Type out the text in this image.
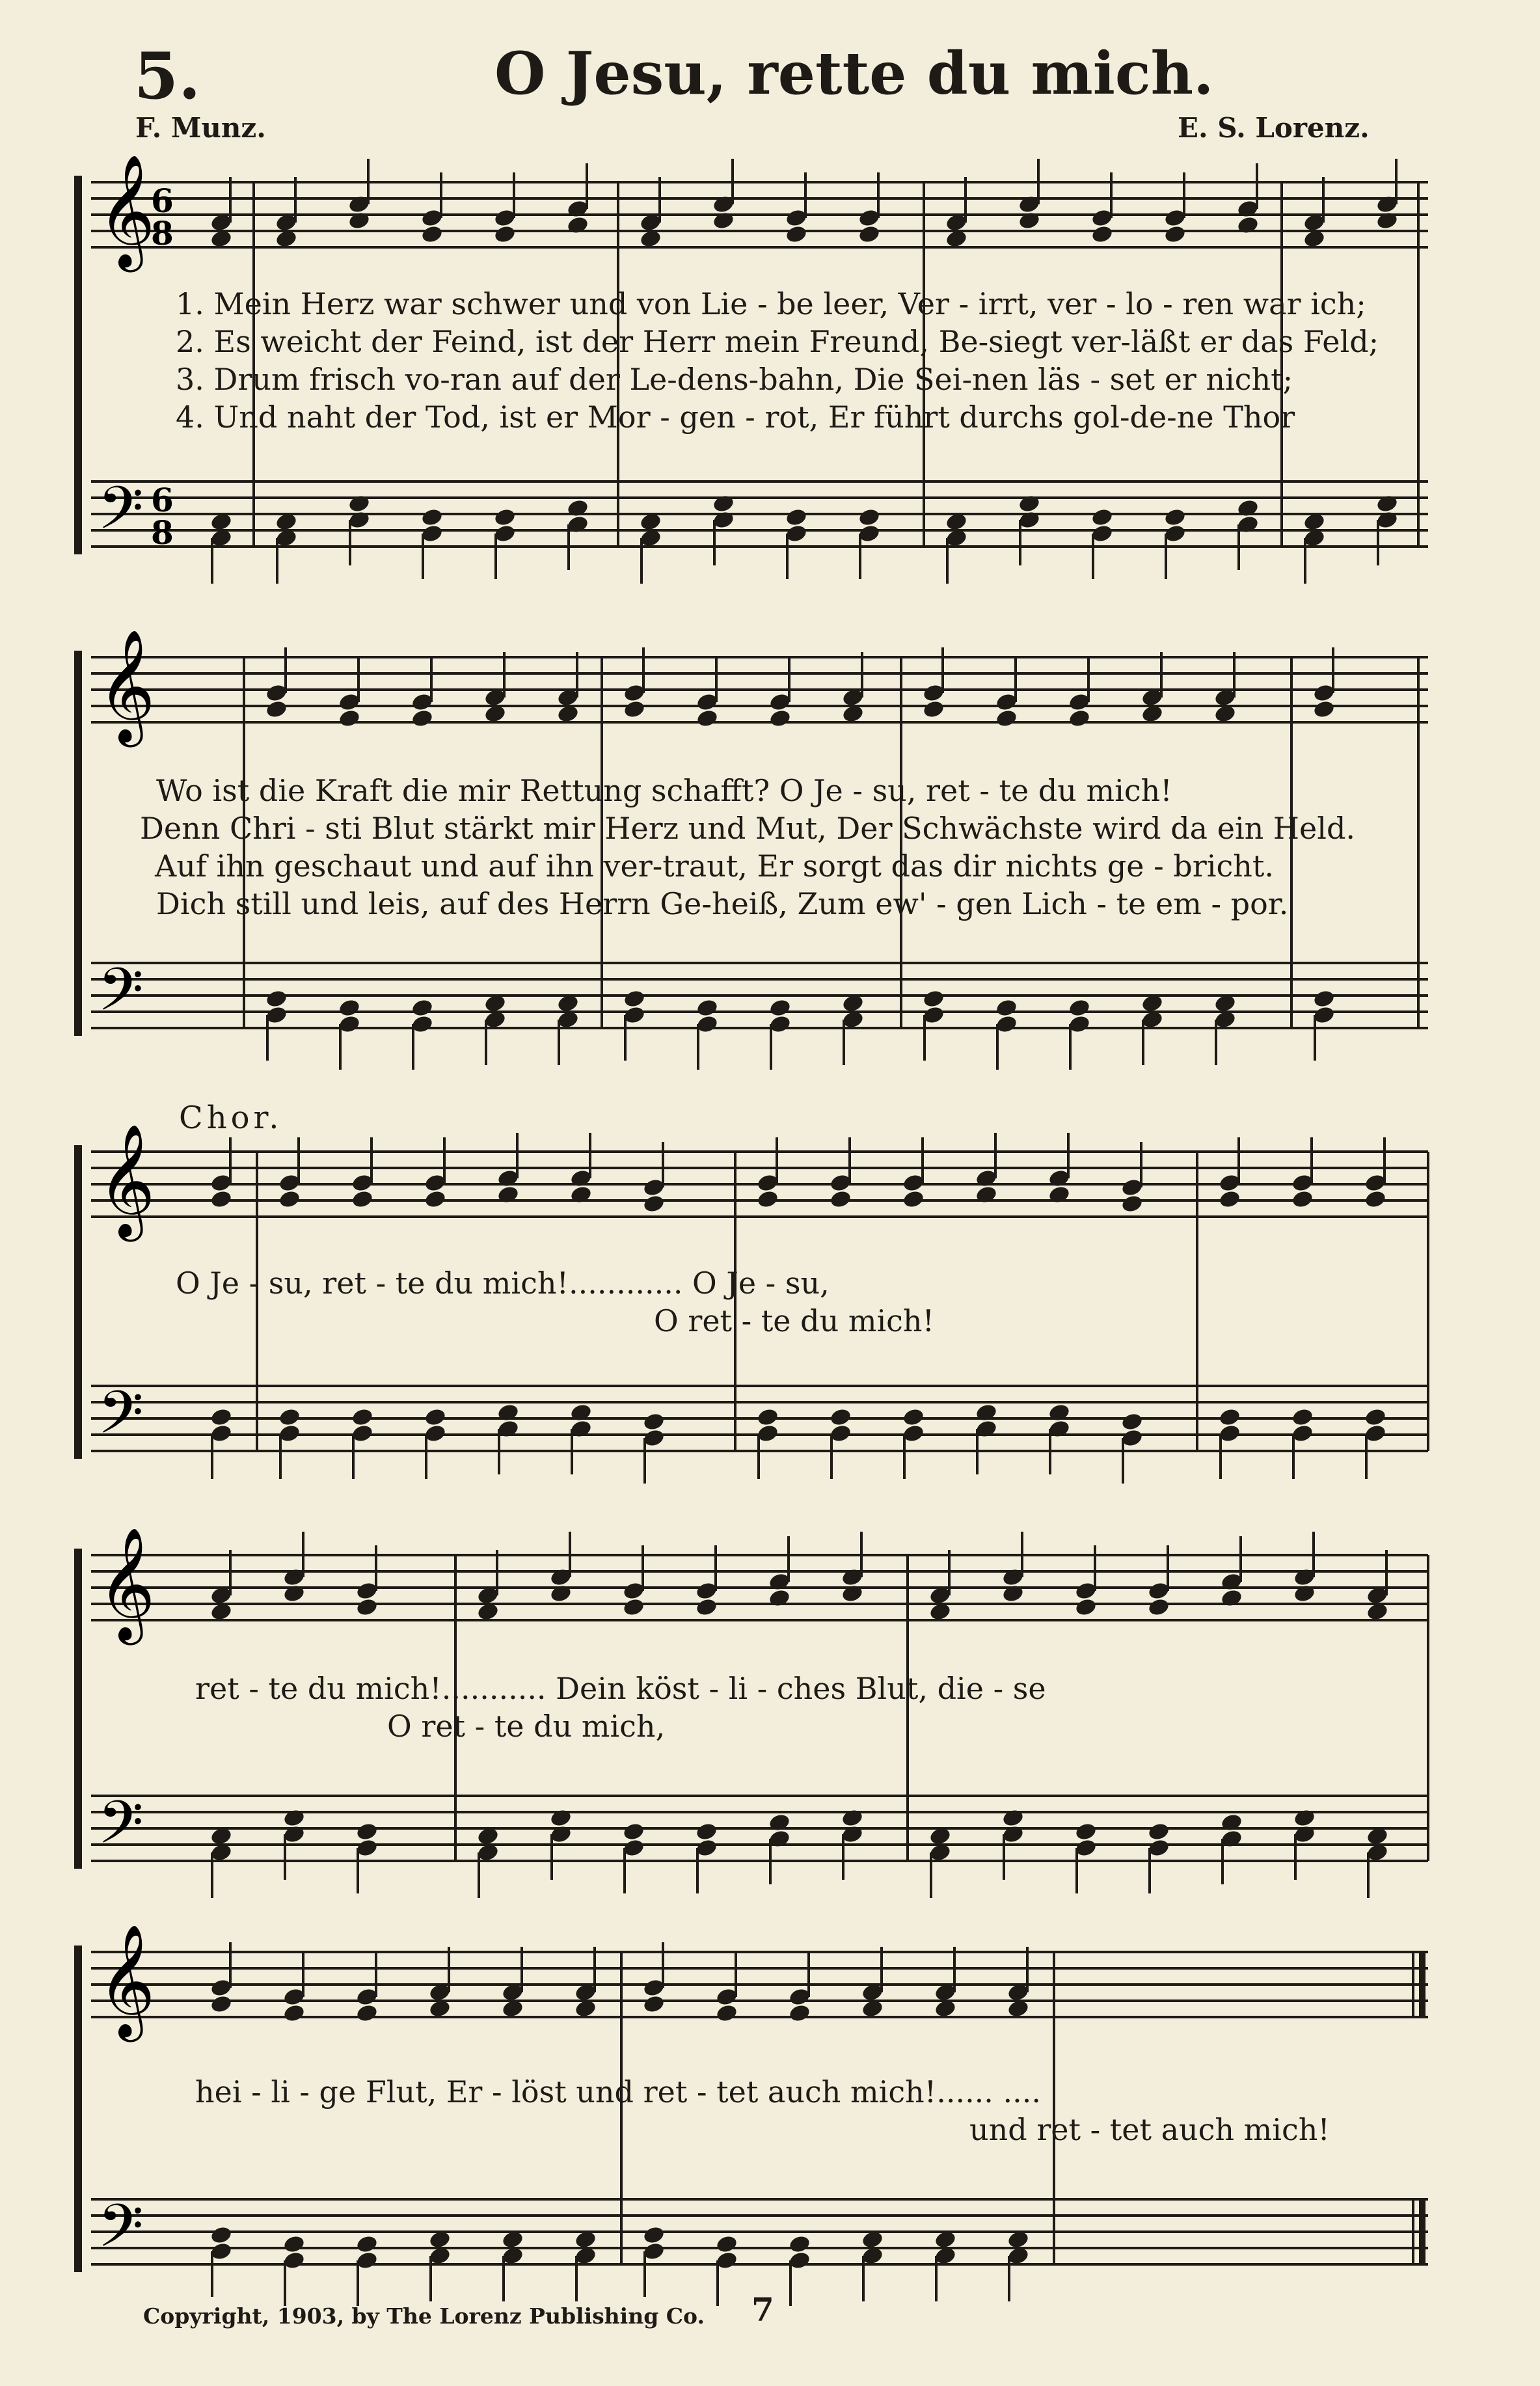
5.	O Jesu, rette du mich.
F. Munz.	E. S. Lorenz.
𝄞
𝄢
6
8
6
8
1. Mein Herz war schwer und von Lie - be leer, Ver - irrt, ver - lo - ren war ich;
2. Es weicht der Feind, ist der Herr mein Freund, Be-siegt ver-läßt er das Feld;
3. Drum frisch vo-ran auf der Le-dens-bahn, Die Sei-nen läs - set er nicht;
4. Und naht der Tod, ist er Mor - gen - rot, Er führt durchs gol-de-ne Thor
𝄞
𝄢
Wo ist die Kraft die mir Rettung schafft? O Je - su, ret - te du mich!
Denn Chri - sti Blut stärkt mir Herz und Mut, Der Schwächste wird da ein Held.
Auf ihn geschaut und auf ihn ver-traut, Er sorgt das dir nichts ge - bricht.
Dich still und leis, auf des Herrn Ge-heiß, Zum ew' - gen Lich - te em - por.
Chor.
𝄞
𝄢
O Je - su, ret - te du mich!............ O Je - su,
O ret - te du mich!
𝄞
𝄢
ret - te du mich!........... Dein köst - li - ches Blut, die - se
O ret - te du mich,
𝄞
𝄢
hei - li - ge Flut, Er - löst und ret - tet auch mich!...... ....
und ret - tet auch mich!
Copyright, 1903, by The Lorenz Publishing Co. 7
